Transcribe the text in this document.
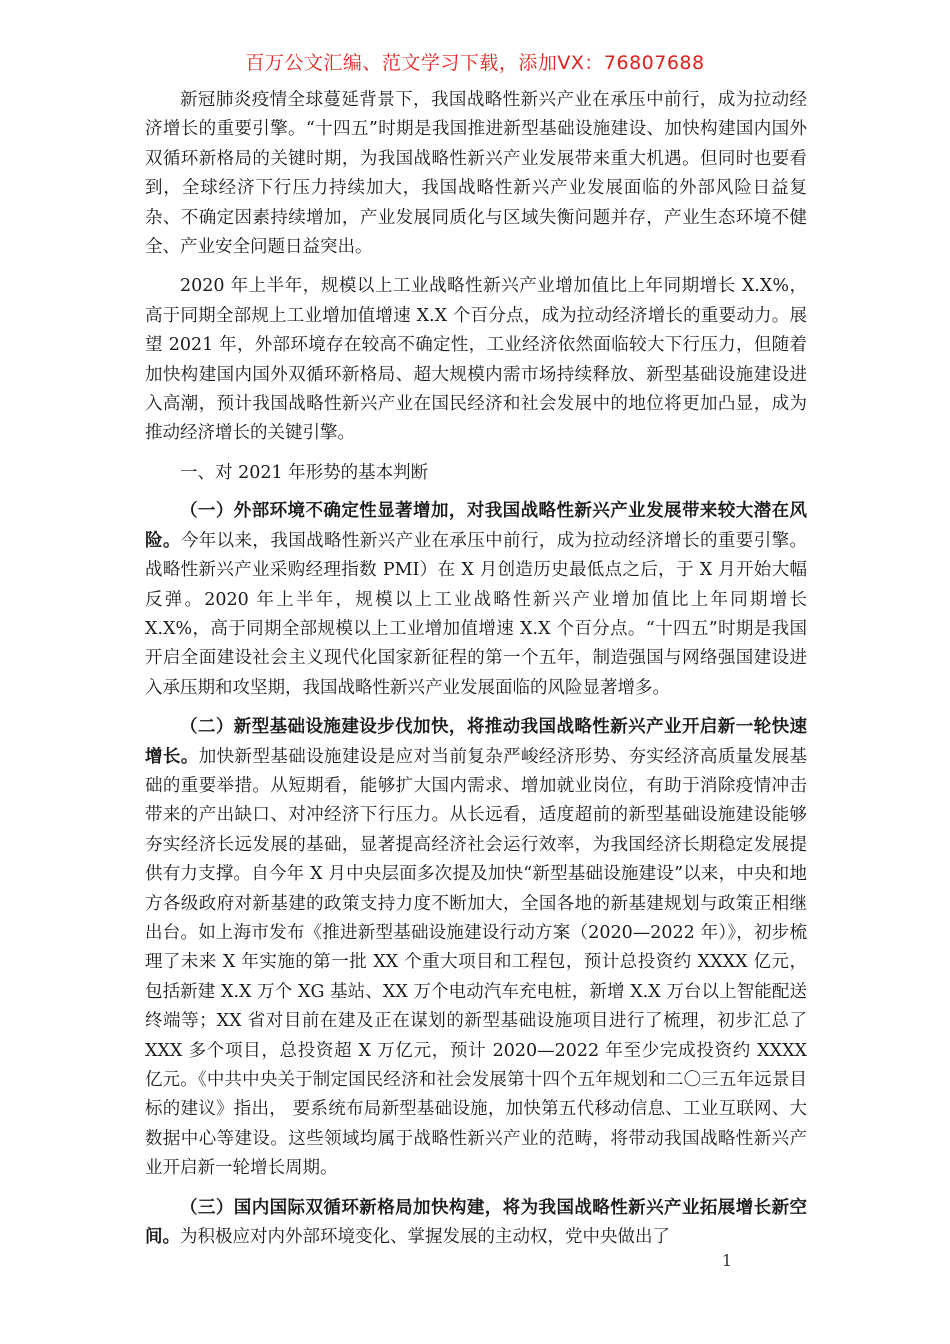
百万公文汇编、范文学习下载，添加VX：76807688

新冠肺炎疫情全球蔓延背景下，我国战略性新兴产业在承压中前行，成为拉动经济增长的重要引擎。“十四五”时期是我国推进新型基础设施建设、加快构建国内国外双循环新格局的关键时期，为我国战略性新兴产业发展带来重大机遇。但同时也要看到，全球经济下行压力持续加大，我国战略性新兴产业发展面临的外部风险日益复杂、不确定因素持续增加，产业发展同质化与区域失衡问题并存，产业生态环境不健全、产业安全问题日益突出。

2020 年上半年，规模以上工业战略性新兴产业增加值比上年同期增长 X.X%， 高于同期全部规上工业增加值增速 X.X 个百分点，成为拉动经济增长的重要动力。展望 2021 年，外部环境存在较高不确定性，工业经济依然面临较大下行压力，但随着加快构建国内国外双循环新格局、超大规模内需市场持续释放、新型基础设施建设进入高潮，预计我国战略性新兴产业在国民经济和社会发展中的地位将更加凸显，成为推动经济增长的关键引擎。

一、对 2021 年形势的基本判断

（一）外部环境不确定性显著增加，对我国战略性新兴产业发展带来较大潜在风险。今年以来，我国战略性新兴产业在承压中前行，成为拉动经济增长的重要引擎。战略性新兴产业采购经理指数 PMI）在 X 月创造历史最低点之后，于 X 月开始大幅反弹。2020 年上半年，规模以上工业战略性新兴产业增加值比上年同期增长 X.X%，高于同期全部规模以上工业增加值增速 X.X 个百分点。“十四五”时期是我国开启全面建设社会主义现代化国家新征程的第一个五年，制造强国与网络强国建设进入承压期和攻坚期，我国战略性新兴产业发展面临的风险显著增多。

（二）新型基础设施建设步伐加快，将推动我国战略性新兴产业开启新一轮快速增长。加快新型基础设施建设是应对当前复杂严峻经济形势、夯实经济高质量发展基础的重要举措。从短期看，能够扩大国内需求、增加就业岗位，有助于消除疫情冲击带来的产出缺口、对冲经济下行压力。从长远看，适度超前的新型基础设施建设能够夯实经济长远发展的基础，显著提高经济社会运行效率，为我国经济长期稳定发展提供有力支撑。自今年 X 月中央层面多次提及加快“新型基础设施建设”以来，中央和地方各级政府对新基建的政策支持力度不断加大，全国各地的新基建规划与政策正相继出台。如上海市发布《推进新型基础设施建设行动方案（2020—2022 年）》，初步梳理了未来 X 年实施的第一批 XX 个重大项目和工程包，预计总投资约 XXXX 亿元，包括新建 X.X 万个 XG 基站、XX 万个电动汽车充电桩，新增 X.X 万台以上智能配送终端等；XX 省对目前在建及正在谋划的新型基础设施项目进行了梳理，初步汇总了 XXX 多个项目，总投资超 X 万亿元，预计 2020—2022 年至少完成投资约 XXXX 亿元。《中共中央关于制定国民经济和社会发展第十四个五年规划和二〇三五年远景目标的建议》指出， 要系统布局新型基础设施，加快第五代移动信息、工业互联网、大数据中心等建设。这些领域均属于战略性新兴产业的范畴，将带动我国战略性新兴产业开启新一轮增长周期。

（三）国内国际双循环新格局加快构建，将为我国战略性新兴产业拓展增长新空间。为积极应对内外部环境变化、掌握发展的主动权，党中央做出了

1
